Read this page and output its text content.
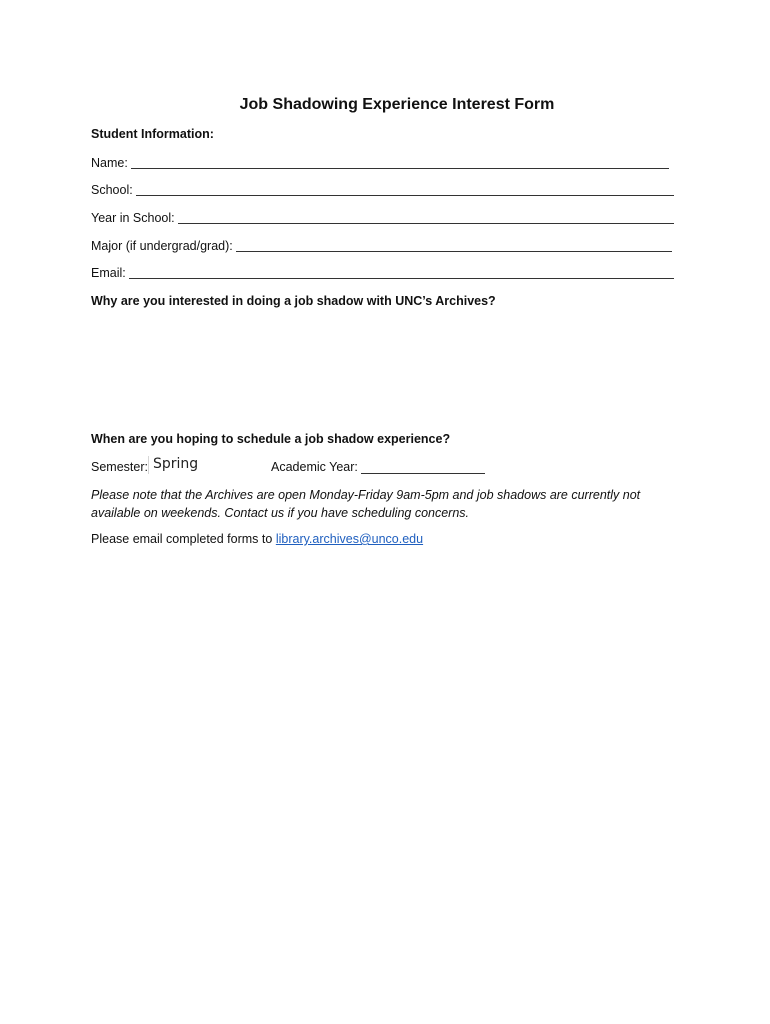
Job Shadowing Experience Interest Form
Student Information:
Name:
School:
Year in School:
Major (if undergrad/grad):
Email:
Why are you interested in doing a job shadow with UNC’s Archives?
When are you hoping to schedule a job shadow experience?
Semester: Spring	Academic Year:
Please note that the Archives are open Monday-Friday 9am-5pm and job shadows are currently not available on weekends. Contact us if you have scheduling concerns.
Please email completed forms to library.archives@unco.edu
